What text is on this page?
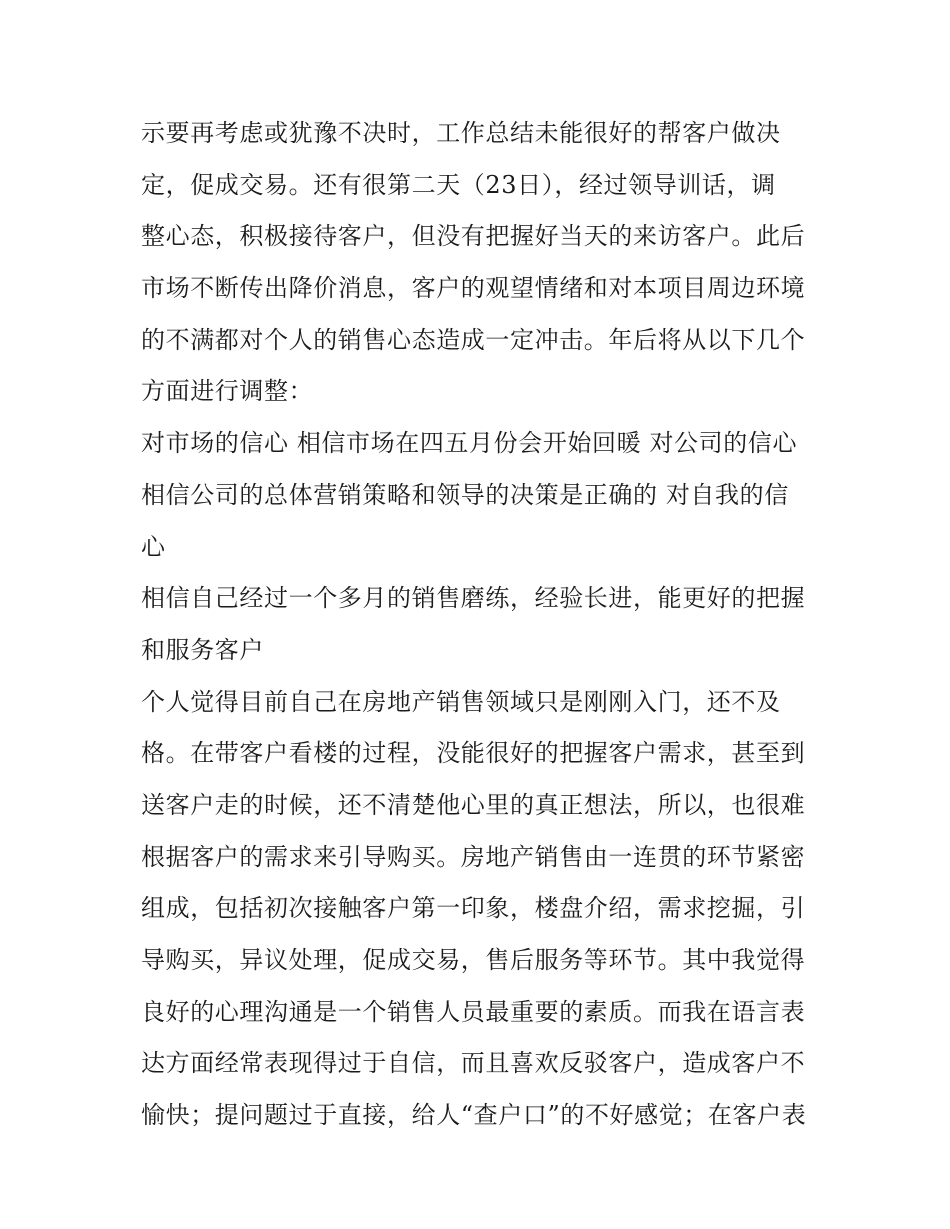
示要再考虑或犹豫不决时，工作总结未能很好的帮客户做决
定，促成交易。还有很第二天（23日），经过领导训话，调
整心态，积极接待客户，但没有把握好当天的来访客户。此后
市场不断传出降价消息，客户的观望情绪和对本项目周边环境
的不满都对个人的销售心态造成一定冲击。年后将从以下几个
方面进行调整：
对市场的信心 相信市场在四五月份会开始回暖 对公司的信心
相信公司的总体营销策略和领导的决策是正确的 对自我的信
心
相信自己经过一个多月的销售磨练，经验长进，能更好的把握
和服务客户
个人觉得目前自己在房地产销售领域只是刚刚入门，还不及
格。在带客户看楼的过程，没能很好的把握客户需求，甚至到
送客户走的时候，还不清楚他心里的真正想法，所以，也很难
根据客户的需求来引导购买。房地产销售由一连贯的环节紧密
组成，包括初次接触客户第一印象，楼盘介绍，需求挖掘，引
导购买，异议处理，促成交易，售后服务等环节。其中我觉得
良好的心理沟通是一个销售人员最重要的素质。而我在语言表
达方面经常表现得过于自信，而且喜欢反驳客户，造成客户不
愉快；提问题过于直接，给人“查户口”的不好感觉；在客户表
